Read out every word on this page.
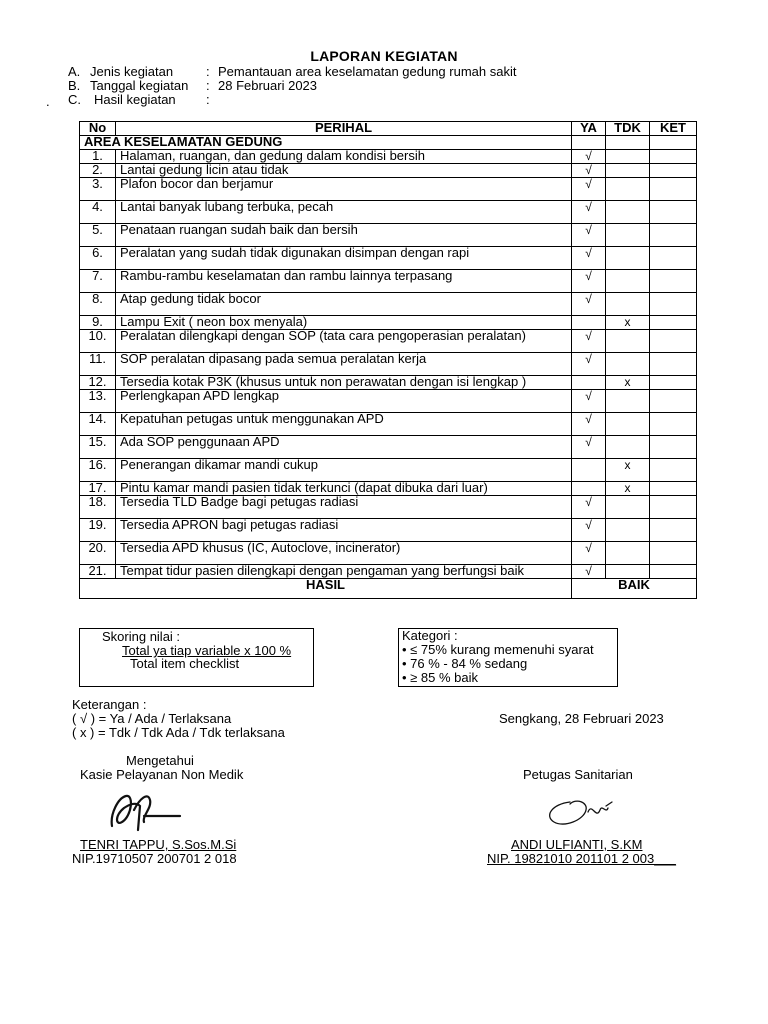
LAPORAN KEGIATAN
A. Jenis kegiatan	: Pemantauan area keselamatan gedung rumah sakit
B. Tanggal kegiatan : 28 Februari 2023
C. Hasil kegiatan :
.
No	PERIHAL	YA	TDK	KET
AREA KESELAMATAN GEDUNG				
1.	Halaman, ruangan, dan gedung dalam kondisi bersih	√		
2.	Lantai gedung licin atau tidak	√		
3.	Plafon bocor dan berjamur	√		
4.	Lantai banyak lubang terbuka, pecah	√		
5.	Penataan ruangan sudah baik dan bersih	√		
6.	Peralatan yang sudah tidak digunakan disimpan dengan rapi	√		
7.	Rambu-rambu keselamatan dan rambu lainnya terpasang	√		
8.	Atap gedung tidak bocor	√		
9.	Lampu Exit ( neon box menyala)		x	
10.	Peralatan dilengkapi dengan SOP (tata cara pengoperasian peralatan)	√		
11.	SOP peralatan dipasang pada semua peralatan kerja	√		
12.	Tersedia kotak P3K (khusus untuk non perawatan dengan isi lengkap )		x	
13.	Perlengkapan APD lengkap	√		
14.	Kepatuhan petugas untuk menggunakan APD	√		
15.	Ada SOP penggunaan APD	√		
16.	Penerangan dikamar mandi cukup		x	
17.	Pintu kamar mandi pasien tidak terkunci (dapat dibuka dari luar)		x	
18.	Tersedia TLD Badge bagi petugas radiasi	√		
19.	Tersedia APRON bagi petugas radiasi	√		
20.	Tersedia APD khusus (IC, Autoclove, incinerator)	√		
21.	Tempat tidur pasien dilengkapi dengan pengaman yang berfungsi baik	√		
HASIL		BAIK		
Skoring nilai :
Total ya tiap variable x 100 %
Total item checklist
Kategori :
• ≤ 75% kurang memenuhi syarat
• 76 % - 84 % sedang
• ≥ 85 % baik
Keterangan :
( √ ) = Ya / Ada / Terlaksana
( x ) = Tdk / Tdk Ada / Tdk terlaksana
Sengkang, 28 Februari 2023
Mengetahui
Kasie Pelayanan Non Medik	Petugas Sanitarian
TENRI TAPPU, S.Sos.M.Si
NIP.19710507 200701 2 018
ANDI ULFIANTI, S.KM
NIP. 19821010 201101 2 003___
